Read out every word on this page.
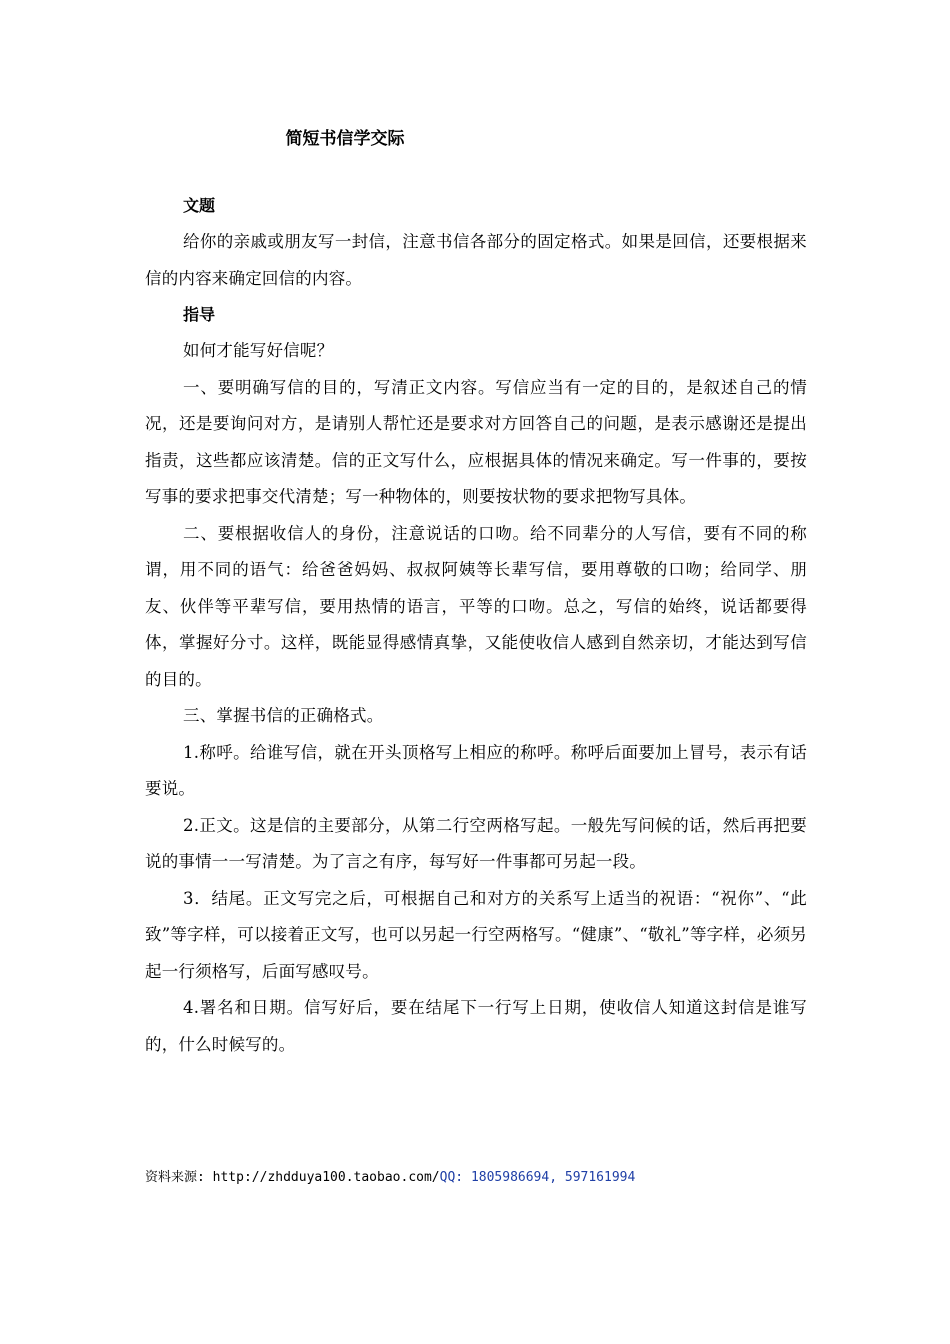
简短书信学交际
文题

给你的亲戚或朋友写一封信，注意书信各部分的固定格式。如果是回信，还要根据来信的内容来确定回信的内容。

指导

如何才能写好信呢？

一、要明确写信的目的，写清正文内容。写信应当有一定的目的，是叙述自己的情况，还是要询问对方，是请别人帮忙还是要求对方回答自己的问题，是表示感谢还是提出指责，这些都应该清楚。信的正文写什么，应根据具体的情况来确定。写一件事的，要按写事的要求把事交代清楚；写一种物体的，则要按状物的要求把物写具体。

二、要根据收信人的身份，注意说话的口吻。给不同辈分的人写信，要有不同的称谓，用不同的语气：给爸爸妈妈、叔叔阿姨等长辈写信，要用尊敬的口吻；给同学、朋友、伙伴等平辈写信，要用热情的语言，平等的口吻。总之，写信的始终，说话都要得体，掌握好分寸。这样，既能显得感情真挚，又能使收信人感到自然亲切，才能达到写信的目的。

三、掌握书信的正确格式。

1.称呼。给谁写信，就在开头顶格写上相应的称呼。称呼后面要加上冒号，表示有话要说。

2.正文。这是信的主要部分，从第二行空两格写起。一般先写问候的话，然后再把要说的事情一一写清楚。为了言之有序，每写好一件事都可另起一段。

3．结尾。正文写完之后，可根据自己和对方的关系写上适当的祝语：“祝你”、“此致”等字样，可以接着正文写，也可以另起一行空两格写。“健康”、“敬礼”等字样，必须另起一行须格写，后面写感叹号。

4.署名和日期。信写好后，要在结尾下一行写上日期，使收信人知道这封信是谁写的，什么时候写的。

资料来源: http://zhdduya100.taobao.com/QQ: 1805986694, 597161994
